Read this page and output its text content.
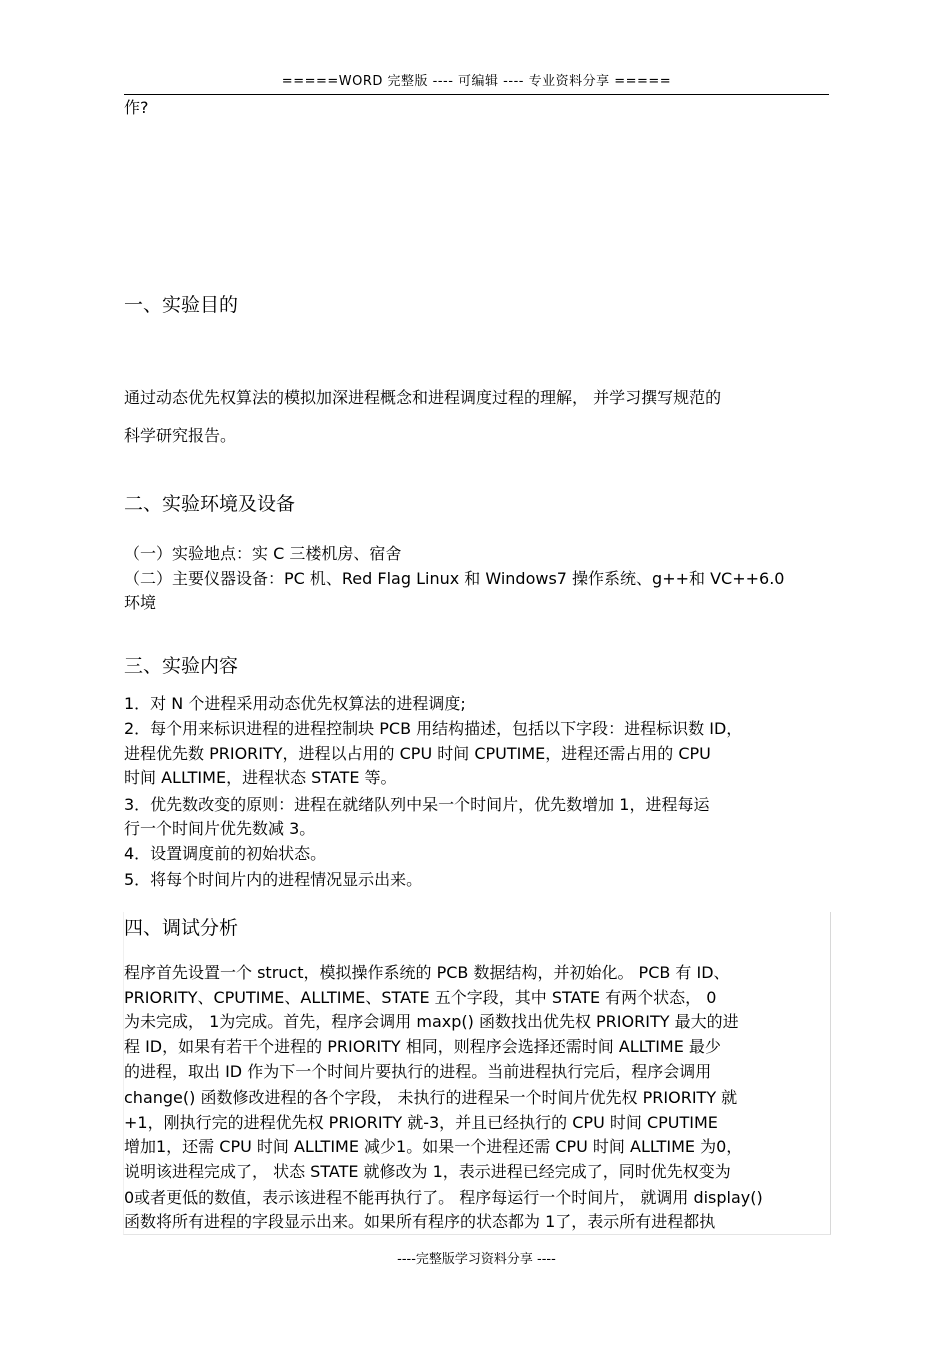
=====WORD 完整版 ---- 可编辑 ---- 专业资料分享 =====
作?
一、实验目的
通过动态优先权算法的模拟加深进程概念和进程调度过程的理解， 并学习撰写规范的
科学研究报告。
二、实验环境及设备
（一）实验地点：实 C 三楼机房、宿舍
（二）主要仪器设备：PC 机、Red Flag Linux 和 Windows7 操作系统、g++和 VC++6.0
环境
三、实验内容
1．对 N 个进程采用动态优先权算法的进程调度;
2．每个用来标识进程的进程控制块 PCB 用结构描述，包括以下字段：进程标识数 ID，
进程优先数 PRIORITY，进程以占用的 CPU 时间 CPUTIME，进程还需占用的 CPU
时间 ALLTIME，进程状态 STATE 等。
3．优先数改变的原则：进程在就绪队列中呆一个时间片，优先数增加 1，进程每运
行一个时间片优先数减 3。
4．设置调度前的初始状态。
5．将每个时间片内的进程情况显示出来。
四、调试分析
程序首先设置一个 struct，模拟操作系统的 PCB 数据结构，并初始化。 PCB 有 ID、
PRIORITY、CPUTIME、ALLTIME、STATE 五个字段，其中 STATE 有两个状态， 0
为未完成， 1为完成。首先，程序会调用 maxp() 函数找出优先权 PRIORITY 最大的进
程 ID，如果有若干个进程的 PRIORITY 相同，则程序会选择还需时间 ALLTIME 最少
的进程，取出 ID 作为下一个时间片要执行的进程。当前进程执行完后，程序会调用
change() 函数修改进程的各个字段， 未执行的进程呆一个时间片优先权 PRIORITY 就
+1，刚执行完的进程优先权 PRIORITY 就-3，并且已经执行的 CPU 时间 CPUTIME
增加1，还需 CPU 时间 ALLTIME 减少1。如果一个进程还需 CPU 时间 ALLTIME 为0，
说明该进程完成了， 状态 STATE 就修改为 1，表示进程已经完成了，同时优先权变为
0或者更低的数值，表示该进程不能再执行了。 程序每运行一个时间片， 就调用 display()
函数将所有进程的字段显示出来。如果所有程序的状态都为 1了，表示所有进程都执
----完整版学习资料分享 ----
